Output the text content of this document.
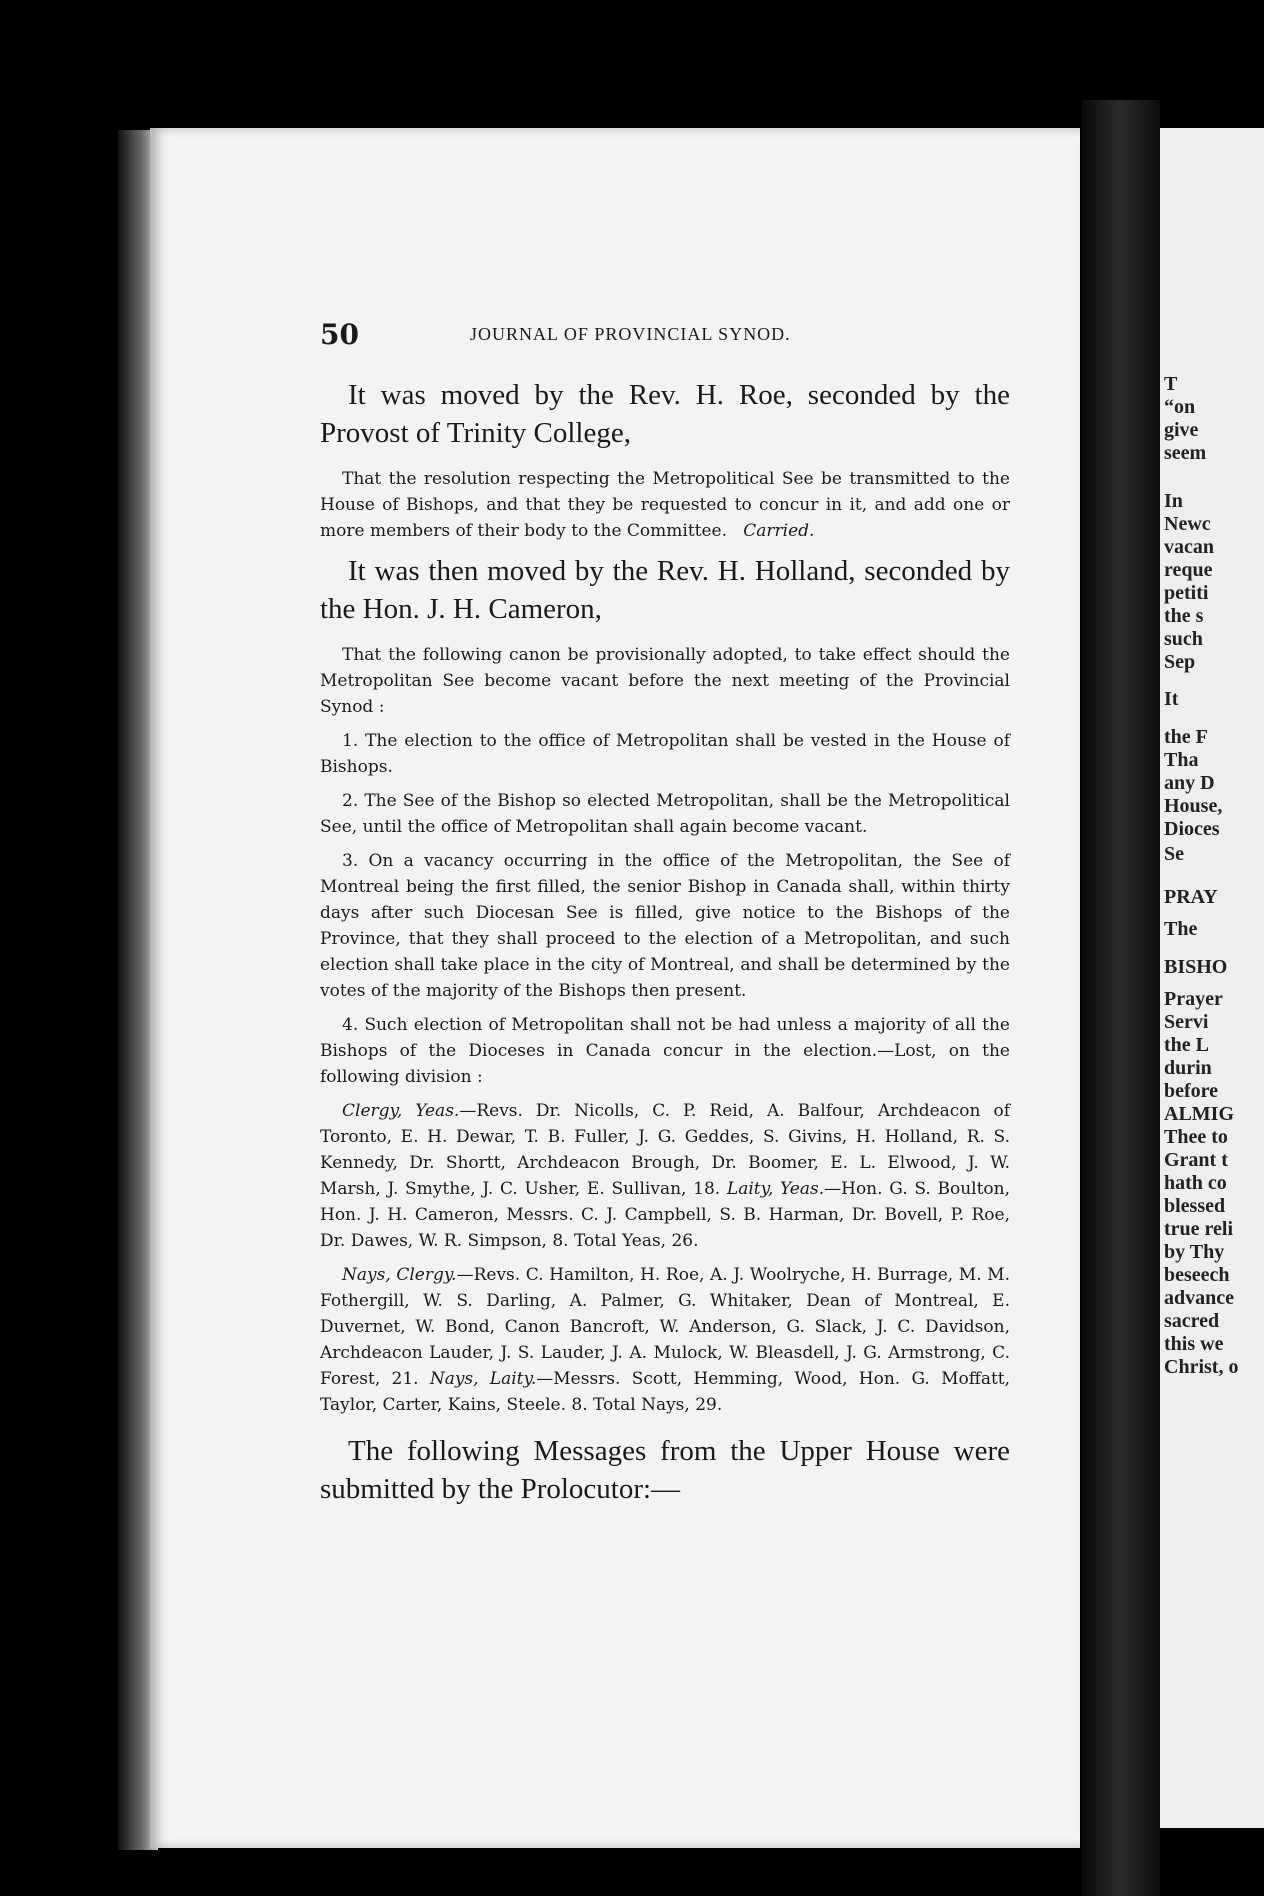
50	JOURNAL OF PROVINCIAL SYNOD.

It was moved by the Rev. H. Roe, seconded by the Provost of Trinity College,

That the resolution respecting the Metropolitical See be transmitted to the House of Bishops, and that they be requested to concur in it, and add one or more members of their body to the Committee. Carried.

It was then moved by the Rev. H. Holland, seconded by the Hon. J. H. Cameron,

That the following canon be provisionally adopted, to take effect should the Metropolitan See become vacant before the next meeting of the Provincial Synod :

1. The election to the office of Metropolitan shall be vested in the House of Bishops.

2. The See of the Bishop so elected Metropolitan, shall be the Metropolitical See, until the office of Metropolitan shall again become vacant.

3. On a vacancy occurring in the office of the Metropolitan, the See of Montreal being the first filled, the senior Bishop in Canada shall, within thirty days after such Diocesan See is filled, give notice to the Bishops of the Province, that they shall proceed to the election of a Metropolitan, and such election shall take place in the city of Montreal, and shall be determined by the votes of the majority of the Bishops then present.

4. Such election of Metropolitan shall not be had unless a majority of all the Bishops of the Dioceses in Canada concur in the election.—Lost, on the following division :

Clergy, Yeas.—Revs. Dr. Nicolls, C. P. Reid, A. Balfour, Archdeacon of Toronto, E. H. Dewar, T. B. Fuller, J. G. Geddes, S. Givins, H. Holland, R. S. Kennedy, Dr. Shortt, Archdeacon Brough, Dr. Boomer, E. L. Elwood, J. W. Marsh, J. Smythe, J. C. Usher, E. Sullivan, 18. Laity, Yeas.—Hon. G. S. Boulton, Hon. J. H. Cameron, Messrs. C. J. Campbell, S. B. Harman, Dr. Bovell, P. Roe, Dr. Dawes, W. R. Simpson, 8. Total Yeas, 26.

Nays, Clergy.—Revs. C. Hamilton, H. Roe, A. J. Woolryche, H. Burrage, M. M. Fothergill, W. S. Darling, A. Palmer, G. Whitaker, Dean of Montreal, E. Duvernet, W. Bond, Canon Bancroft, W. Anderson, G. Slack, J. C. Davidson, Archdeacon Lauder, J. S. Lauder, J. A. Mulock, W. Bleasdell, J. G. Armstrong, C. Forest, 21. Nays, Laity.—Messrs. Scott, Hemming, Wood, Hon. G. Moffatt, Taylor, Carter, Kains, Steele. 8. Total Nays, 29.

The following Messages from the Upper House were submitted by the Prolocutor:—

T
“on
give
seem
In
Newc
vacan
reque
petiti
the s
such
Sep
It
the F
Tha
any D
House,
Dioces
Se
PRAY
The
BISHO
Prayer
Servi
the L
durin
before
ALMIG
Thee to
Grant t
hath co
blessed
true reli
by Thy
beseech
advance
sacred
this we
Christ, o
